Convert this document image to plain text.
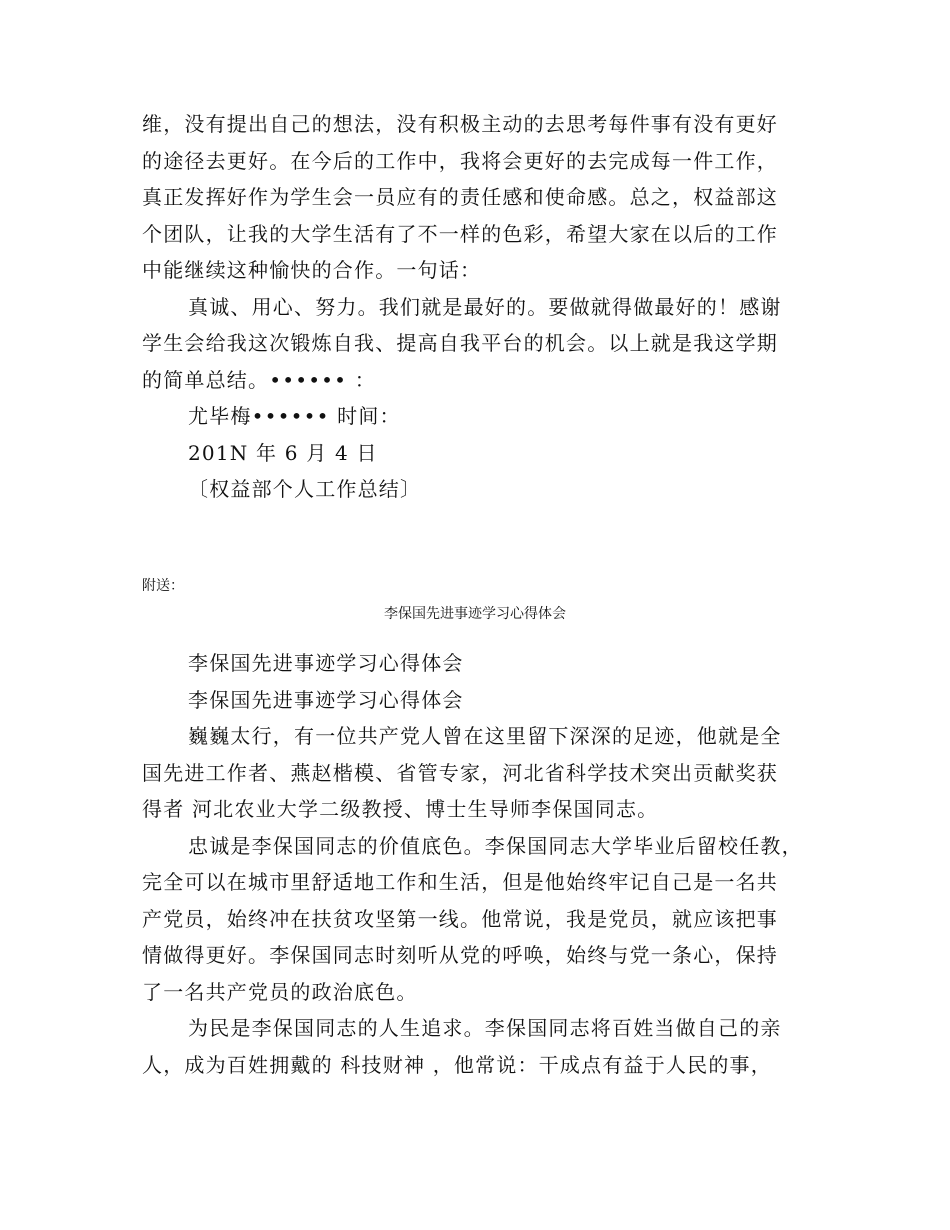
维，没有提出自己的想法，没有积极主动的去思考每件事有没有更好
的途径去更好。在今后的工作中，我将会更好的去完成每一件工作，
真正发挥好作为学生会一员应有的责任感和使命感。总之，权益部这
个团队，让我的大学生活有了不一样的色彩，希望大家在以后的工作
中能继续这种愉快的合作。一句话：
真诚、用心、努力。我们就是最好的。要做就得做最好的！感谢
学生会给我这次锻炼自我、提高自我平台的机会。以上就是我这学期
的简单总结。•••••• ：
尤毕梅•••••• 时间：
201N 年 6 月 4 日
〔权益部个人工作总结〕
附送：
李保国先进事迹学习心得体会
李保国先进事迹学习心得体会
李保国先进事迹学习心得体会
巍巍太行，有一位共产党人曾在这里留下深深的足迹，他就是全
国先进工作者、燕赵楷模、省管专家，河北省科学技术突出贡献奖获
得者 河北农业大学二级教授、博士生导师李保国同志。
忠诚是李保国同志的价值底色。李保国同志大学毕业后留校任教，
完全可以在城市里舒适地工作和生活，但是他始终牢记自己是一名共
产党员，始终冲在扶贫攻坚第一线。他常说，我是党员，就应该把事
情做得更好。李保国同志时刻听从党的呼唤，始终与党一条心，保持
了一名共产党员的政治底色。
为民是李保国同志的人生追求。李保国同志将百姓当做自己的亲
人，成为百姓拥戴的 科技财神 ，他常说：干成点有益于人民的事，
